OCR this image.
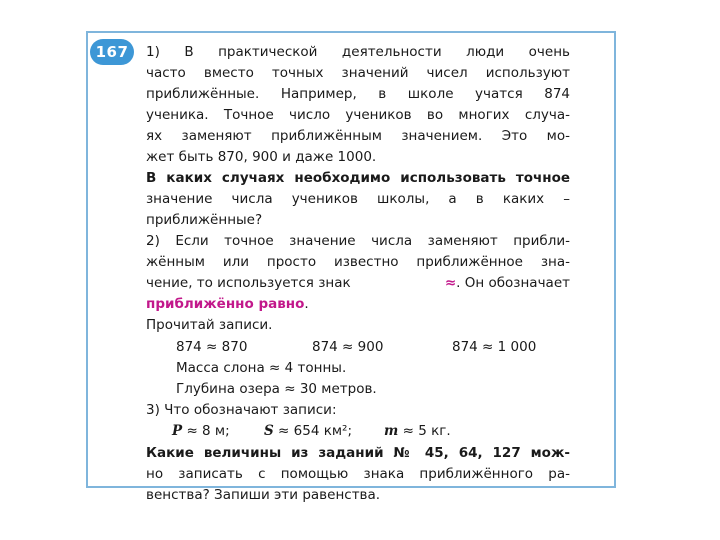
167	1) В практической деятельности люди очень
часто вместо точных значений чисел используют
приближённые. Например, в школе учатся 874
ученика. Точное число учеников во многих случа-
ях заменяют приближённым значением. Это мо-
жет быть 870, 900 и даже 1000.
В каких случаях необходимо использовать точное
значение числа учеников школы, а в каких –
приближённые?
2) Если точное значение числа заменяют прибли-
жённым или просто известно приближённое зна-
чение, то используется знак	≈. Он обозначает
приближённо равно.
Прочитай записи.
874 ≈ 870	874 ≈ 900	874 ≈ 1 000
Масса слона ≈ 4 тонны.
Глубина озера ≈ 30 метров.
3) Что обозначают записи:
P ≈ 8 м;	S ≈ 654 км²; m ≈ 5 кг.
Какие величины из заданий № 45, 64, 127 мож-
но записать с помощью знака приближённого ра-
венства? Запиши эти равенства.
